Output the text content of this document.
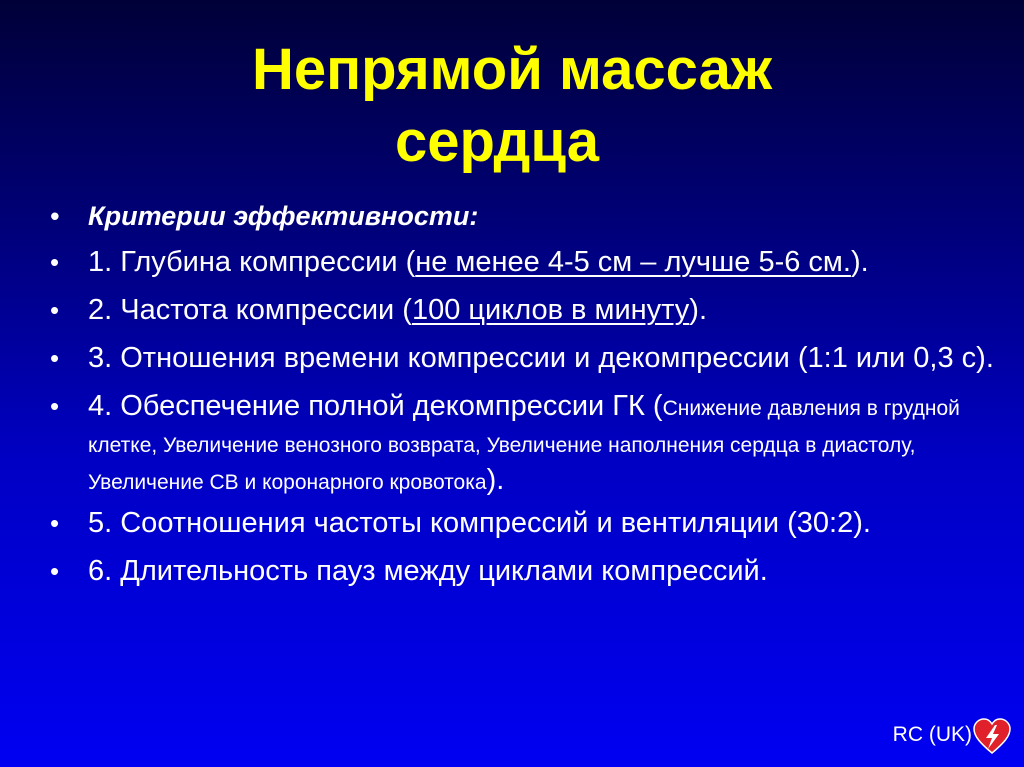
Непрямой массаж
сердца
• Критерии эффективности:
• 1. Глубина компрессии (не менее 4-5 см – лучше 5-6 см.).
• 2. Частота компрессии (100 циклов в минуту).
• 3. Отношения времени компрессии и декомпрессии (1:1 или 0,3 с).
• 4. Обеспечение полной декомпрессии ГК (Снижение давления в грудной клетке, Увеличение венозного возврата, Увеличение наполнения сердца в диастолу, Увеличение СВ и коронарного кровотока).
• 5. Соотношения частоты компрессий и вентиляции (30:2).
• 6. Длительность пауз между циклами компрессий.
RC (UK)
